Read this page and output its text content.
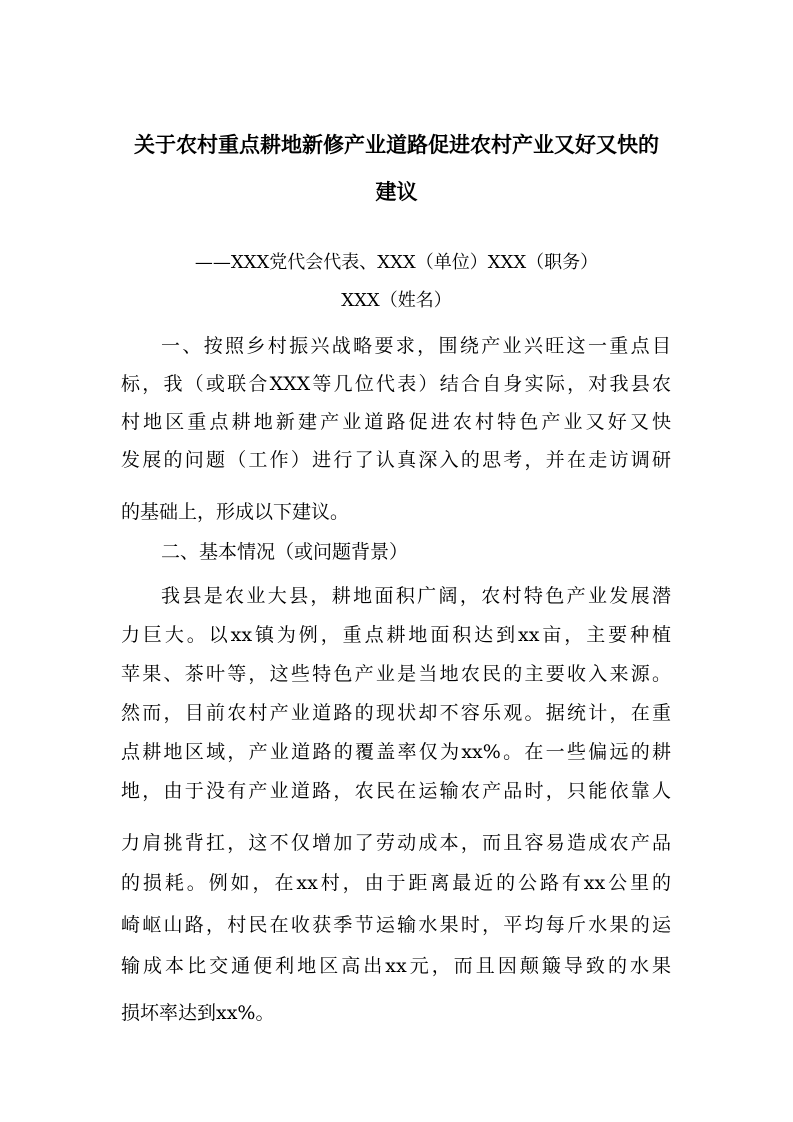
关于农村重点耕地新修产业道路促进农村产业又好又快的
建议
——XXX党代会代表、XXX（单位）XXX（职务）
XXX（姓名）
一、按照乡村振兴战略要求，围绕产业兴旺这一重点目
标，我（或联合XXX等几位代表）结合自身实际，对我县农
村地区重点耕地新建产业道路促进农村特色产业又好又快
发展的问题（工作）进行了认真深入的思考，并在走访调研
的基础上，形成以下建议。
二、基本情况（或问题背景）
我县是农业大县，耕地面积广阔，农村特色产业发展潜
力巨大。以xx镇为例，重点耕地面积达到xx亩，主要种植
苹果、茶叶等，这些特色产业是当地农民的主要收入来源。
然而，目前农村产业道路的现状却不容乐观。据统计，在重
点耕地区域，产业道路的覆盖率仅为xx%。在一些偏远的耕
地，由于没有产业道路，农民在运输农产品时，只能依靠人
力肩挑背扛，这不仅增加了劳动成本，而且容易造成农产品
的损耗。例如，在xx村，由于距离最近的公路有xx公里的
崎岖山路，村民在收获季节运输水果时，平均每斤水果的运
输成本比交通便利地区高出xx元，而且因颠簸导致的水果
损坏率达到xx%。
